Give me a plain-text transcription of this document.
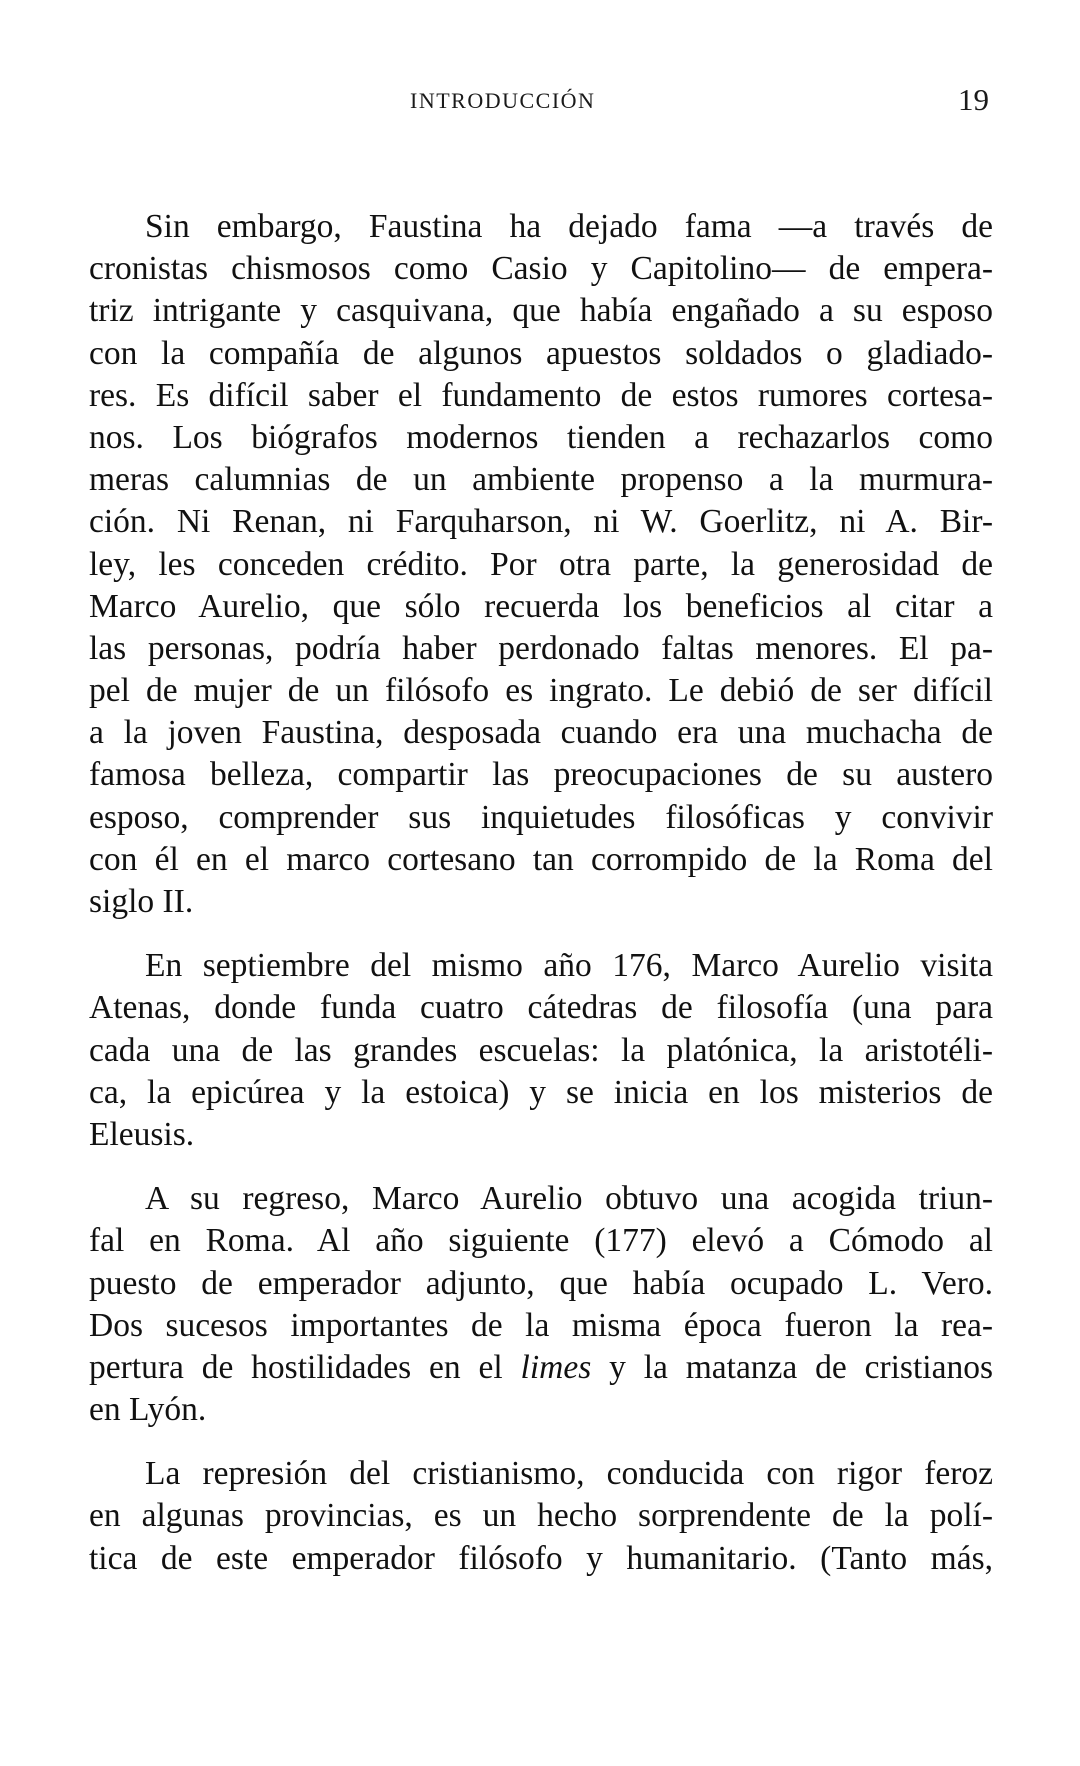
INTRODUCCIÓN	19
Sin embargo, Faustina ha dejado fama —a través de
cronistas chismosos como Casio y Capitolino— de empera-
triz intrigante y casquivana, que había engañado a su esposo
con la compañía de algunos apuestos soldados o gladiado-
res. Es difícil saber el fundamento de estos rumores cortesa-
nos. Los biógrafos modernos tienden a rechazarlos como
meras calumnias de un ambiente propenso a la murmura-
ción. Ni Renan, ni Farquharson, ni W. Goerlitz, ni A. Bir-
ley, les conceden crédito. Por otra parte, la generosidad de
Marco Aurelio, que sólo recuerda los beneficios al citar a
las personas, podría haber perdonado faltas menores. El pa-
pel de mujer de un filósofo es ingrato. Le debió de ser difícil
a la joven Faustina, desposada cuando era una muchacha de
famosa belleza, compartir las preocupaciones de su austero
esposo, comprender sus inquietudes filosóficas y convivir
con él en el marco cortesano tan corrompido de la Roma del
siglo II.
En septiembre del mismo año 176, Marco Aurelio visita
Atenas, donde funda cuatro cátedras de filosofía (una para
cada una de las grandes escuelas: la platónica, la aristotéli-
ca, la epicúrea y la estoica) y se inicia en los misterios de
Eleusis.
A su regreso, Marco Aurelio obtuvo una acogida triun-
fal en Roma. Al año siguiente (177) elevó a Cómodo al
puesto de emperador adjunto, que había ocupado L. Vero.
Dos sucesos importantes de la misma época fueron la rea-
pertura de hostilidades en el limes y la matanza de cristianos
en Lyón.
La represión del cristianismo, conducida con rigor feroz
en algunas provincias, es un hecho sorprendente de la polí-
tica de este emperador filósofo y humanitario. (Tanto más,
